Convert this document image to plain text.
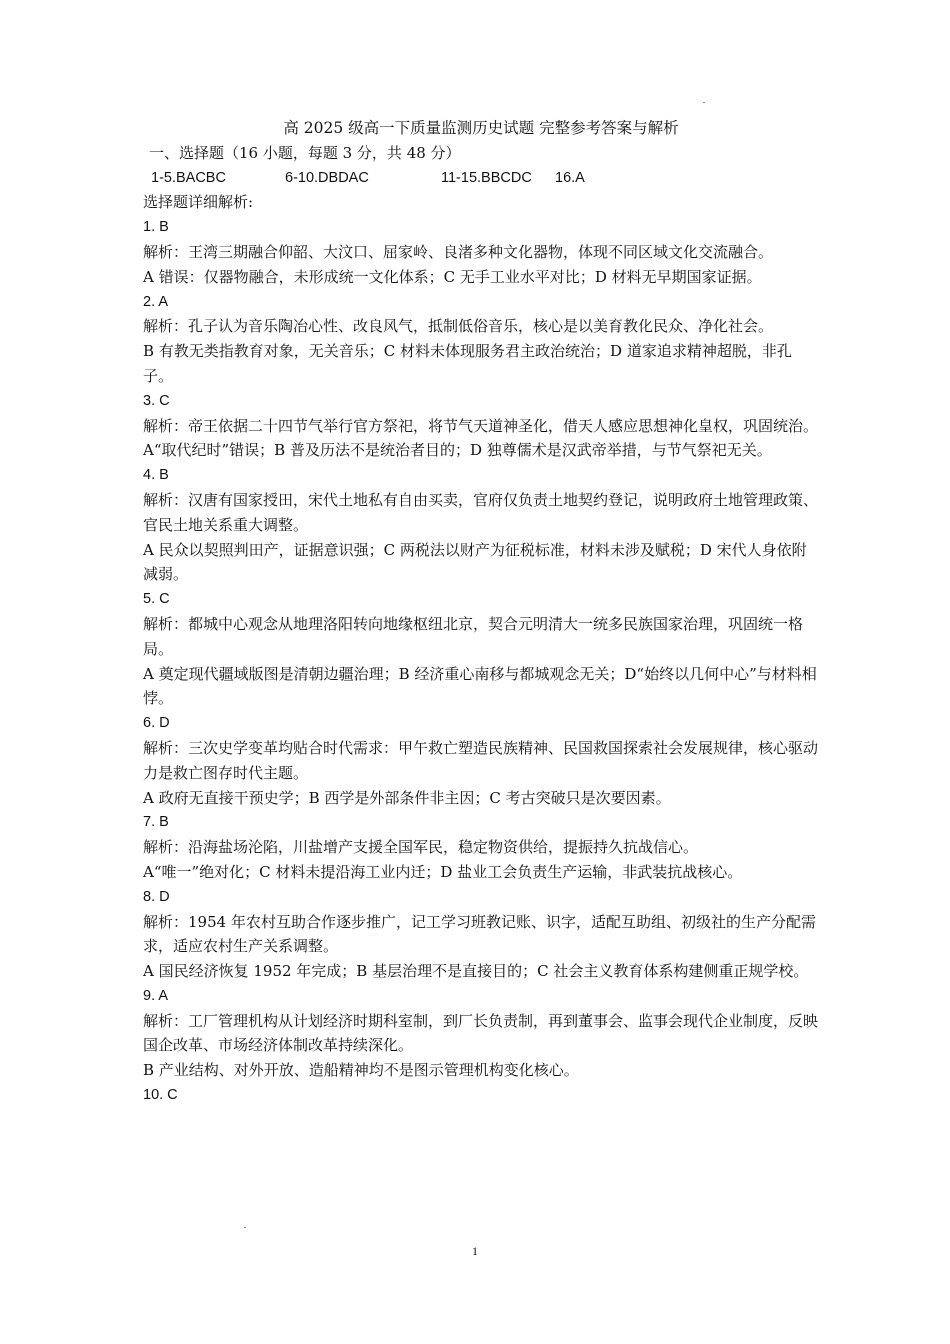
高 2025 级高一下质量监测历史试题 完整参考答案与解析
一、选择题（16 小题，每题 3 分，共 48 分）
1-5.BACBC	6-10.DBDAC	11-15.BBCDC	16.A
选择题详细解析:
1. B
解析：王湾三期融合仰韶、大汶口、屈家岭、良渚多种文化器物，体现不同区域文化交流融合。
A 错误：仅器物融合，未形成统一文化体系；C 无手工业水平对比；D 材料无早期国家证据。
2. A
解析：孔子认为音乐陶冶心性、改良风气，抵制低俗音乐，核心是以美育教化民众、净化社会。
B 有教无类指教育对象，无关音乐；C 材料未体现服务君主政治统治；D 道家追求精神超脱，非孔子。
3. C
解析：帝王依据二十四节气举行官方祭祀，将节气天道神圣化，借天人感应思想神化皇权，巩固统治。
A“取代纪时”错误；B 普及历法不是统治者目的；D 独尊儒术是汉武帝举措，与节气祭祀无关。
4. B
解析：汉唐有国家授田，宋代土地私有自由买卖，官府仅负责土地契约登记，说明政府土地管理政策、官民土地关系重大调整。
A 民众以契照判田产，证据意识强；C 两税法以财产为征税标准，材料未涉及赋税；D 宋代人身依附减弱。
5. C
解析：都城中心观念从地理洛阳转向地缘枢纽北京，契合元明清大一统多民族国家治理，巩固统一格局。
A 奠定现代疆域版图是清朝边疆治理；B 经济重心南移与都城观念无关；D“始终以几何中心”与材料相悖。
6. D
解析：三次史学变革均贴合时代需求：甲午救亡塑造民族精神、民国救国探索社会发展规律，核心驱动力是救亡图存时代主题。
A 政府无直接干预史学；B 西学是外部条件非主因；C 考古突破只是次要因素。
7. B
解析：沿海盐场沦陷，川盐增产支援全国军民，稳定物资供给，提振持久抗战信心。
A“唯一”绝对化；C 材料未提沿海工业内迁；D 盐业工会负责生产运输，非武装抗战核心。
8. D
解析：1954 年农村互助合作逐步推广，记工学习班教记账、识字，适配互助组、初级社的生产分配需求，适应农村生产关系调整。
A 国民经济恢复 1952 年完成；B 基层治理不是直接目的；C 社会主义教育体系构建侧重正规学校。
9. A
解析：工厂管理机构从计划经济时期科室制，到厂长负责制，再到董事会、监事会现代企业制度，反映国企改革、市场经济体制改革持续深化。
B 产业结构、对外开放、造船精神均不是图示管理机构变化核心。
10. C
1
